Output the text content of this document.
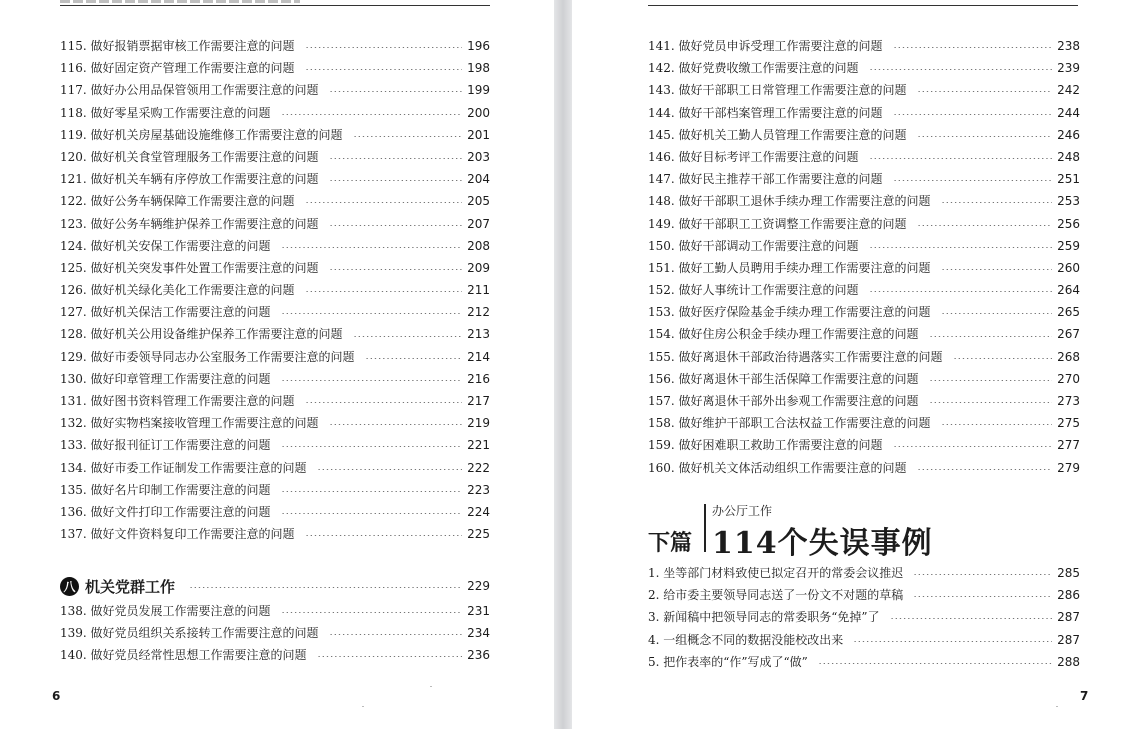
115. 做好报销票据审核工作需要注意的问题	196
116. 做好固定资产管理工作需要注意的问题	198
117. 做好办公用品保管领用工作需要注意的问题	199
118. 做好零星采购工作需要注意的问题	200
119. 做好机关房屋基础设施维修工作需要注意的问题	201
120. 做好机关食堂管理服务工作需要注意的问题	203
121. 做好机关车辆有序停放工作需要注意的问题	204
122. 做好公务车辆保障工作需要注意的问题	205
123. 做好公务车辆维护保养工作需要注意的问题	207
124. 做好机关安保工作需要注意的问题	208
125. 做好机关突发事件处置工作需要注意的问题	209
126. 做好机关绿化美化工作需要注意的问题	211
127. 做好机关保洁工作需要注意的问题	212
128. 做好机关公用设备维护保养工作需要注意的问题	213
129. 做好市委领导同志办公室服务工作需要注意的问题	214
130. 做好印章管理工作需要注意的问题	216
131. 做好图书资料管理工作需要注意的问题	217
132. 做好实物档案接收管理工作需要注意的问题	219
133. 做好报刊征订工作需要注意的问题	221
134. 做好市委工作证制发工作需要注意的问题	222
135. 做好名片印制工作需要注意的问题	223
136. 做好文件打印工作需要注意的问题	224
137. 做好文件资料复印工作需要注意的问题	225
八 机关党群工作	229
138. 做好党员发展工作需要注意的问题	231
139. 做好党员组织关系接转工作需要注意的问题	234
140. 做好党员经常性思想工作需要注意的问题	236
6
141. 做好党员申诉受理工作需要注意的问题	238
142. 做好党费收缴工作需要注意的问题	239
143. 做好干部职工日常管理工作需要注意的问题	242
144. 做好干部档案管理工作需要注意的问题	244
145. 做好机关工勤人员管理工作需要注意的问题	246
146. 做好目标考评工作需要注意的问题	248
147. 做好民主推荐干部工作需要注意的问题	251
148. 做好干部职工退休手续办理工作需要注意的问题	253
149. 做好干部职工工资调整工作需要注意的问题	256
150. 做好干部调动工作需要注意的问题	259
151. 做好工勤人员聘用手续办理工作需要注意的问题	260
152. 做好人事统计工作需要注意的问题	264
153. 做好医疗保险基金手续办理工作需要注意的问题	265
154. 做好住房公积金手续办理工作需要注意的问题	267
155. 做好离退休干部政治待遇落实工作需要注意的问题	268
156. 做好离退休干部生活保障工作需要注意的问题	270
157. 做好离退休干部外出参观工作需要注意的问题	273
158. 做好维护干部职工合法权益工作需要注意的问题	275
159. 做好困难职工救助工作需要注意的问题	277
160. 做好机关文体活动组织工作需要注意的问题	279
下篇
办公厅工作
114个失误事例
1. 坐等部门材料致使已拟定召开的常委会议推迟	285
2. 给市委主要领导同志送了一份文不对题的草稿	286
3. 新闻稿中把领导同志的常委职务“免掉”了	287
4. 一组概念不同的数据没能校改出来	287
5. 把作表率的“作”写成了“做”	288
7
